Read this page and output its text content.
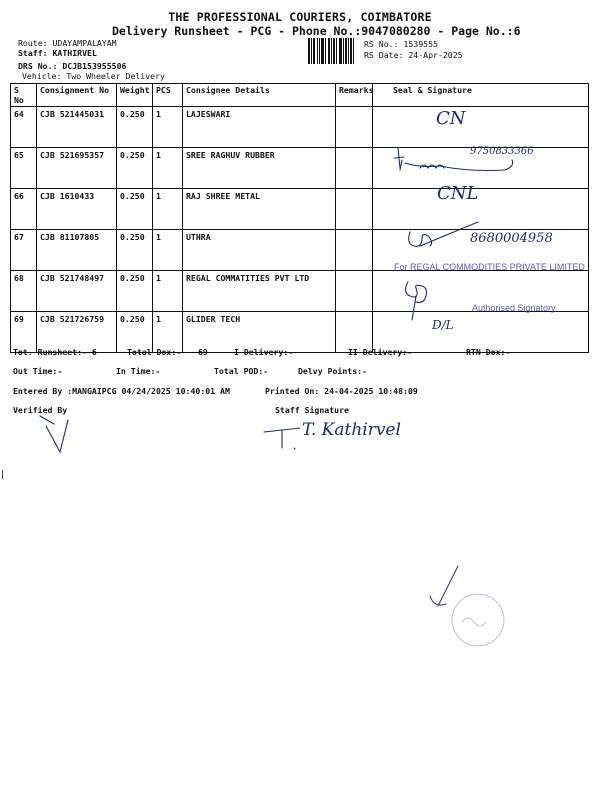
THE PROFESSIONAL COURIERS, COIMBATORE
Delivery Runsheet - PCG - Phone No.:9047080280 - Page No.:6
Route: UDAYAMPALAYAM
Staff: KATHIRVEL
DRS No.: DCJB153955506
Vehicle: Two Wheeler Delivery
RS No.: 1539555
RS Date: 24-Apr-2025
S No	Consignment No	Weight	PCS	Consignee Details	Remarks	Seal & Signature
64	CJB 521445031	0.250	1	LAJESWARI		
65	CJB 521695357	0.250	1	SREE RAGHUV RUBBER		
66	CJB 1610433	0.250	1	RAJ SHREE METAL		
67	CJB 81107805	0.250	1	UTHRA		
68	CJB 521748497	0.250	1	REGAL COMMATITIES PVT LTD		
69	CJB 521726759	0.250	1	GLIDER TECH		
CN
9750833366
CNL
8680004958
For REGAL COMMODITIES PRIVATE LIMITED
Authorised Signatory
D/L
Tot. Runsheet:- 6	Total Dox:- 69	I Delivery:-	II Delivery:-	RTN Dox:-
Out Time:-	In Time:-	Total POD:-	Delvy Points:-
Entered By :MANGAIPCG 04/24/2025 10:40:01 AM	Printed On: 24-04-2025 10:48:09
Verified By	Staff Signature
T. Kathirvel
